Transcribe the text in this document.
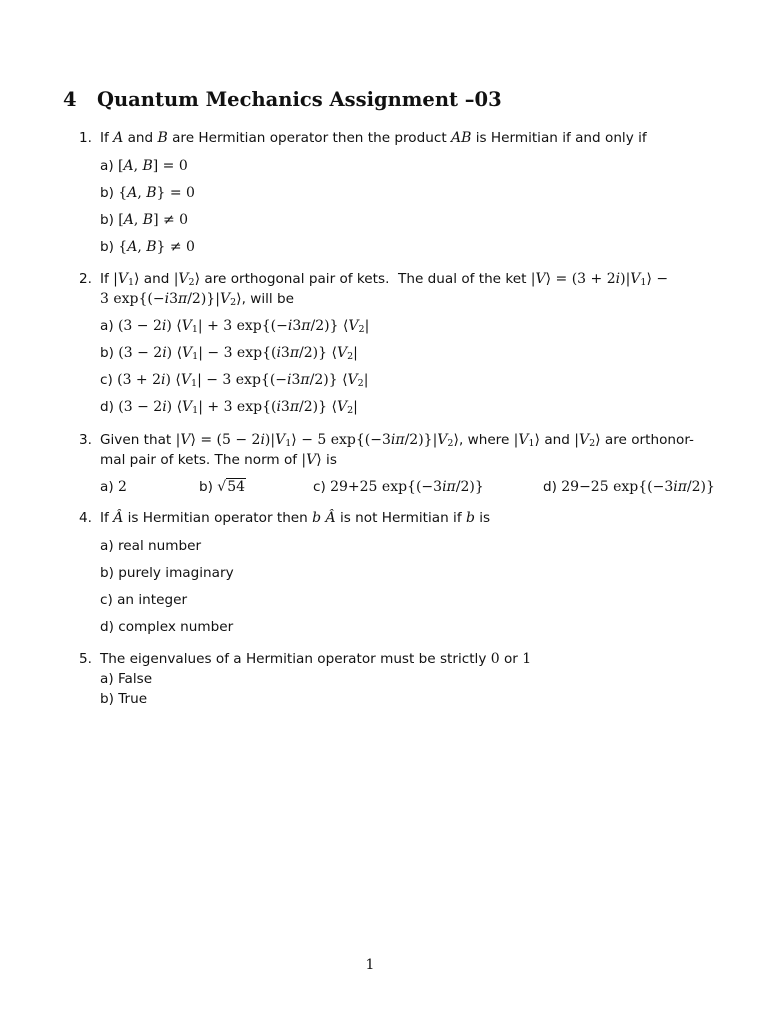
4 Quantum Mechanics Assignment –03
1. If A and B are Hermitian operator then the product AB is Hermitian if and only if
a) [A, B] = 0
b) {A, B} = 0
b) [A, B] ≠ 0
b) {A, B} ≠ 0
2. If $|V_1⟩$ and $|V_2⟩$ are orthogonal pair of kets.  The dual of the ket |V⟩ = $(3 + 2i)|V_1⟩$ −
3 $\exp\{(-i3\pi/2)\}|V_2⟩$, will be
a) (3 − 2i) $⟨V_1| + 3$ exp{(−i3π/2)} $⟨V_2|$
b) (3 − 2i) $⟨V_1| - 3$ exp{(i3π/2)} $⟨V_2|$
c) (3 + 2i) $⟨V_1| - 3$ exp{(−i3π/2)} $⟨V_2|$
d) (3 − 2i) $⟨V_1| + 3$ exp{(i3π/2)} $⟨V_2|$
3. Given that |V⟩ = $(5 - 2i)|V_1⟩ - 5$ $\exp\{(-3i\pi/2)\}|V_2⟩$, where $|V_1⟩$ and $|V_2⟩$ are orthonor-
mal pair of kets. The norm of |V⟩ is
a) 2	b) √54	c) 29+25 exp{(−3iπ/2)}	d) 29−25 exp{(−3iπ/2)}
4. If Â is Hermitian operator then b Â is not Hermitian if b is
a) real number
b) purely imaginary
c) an integer
d) complex number
5. The eigenvalues of a Hermitian operator must be strictly 0 or 1
a) False
b) True
1
